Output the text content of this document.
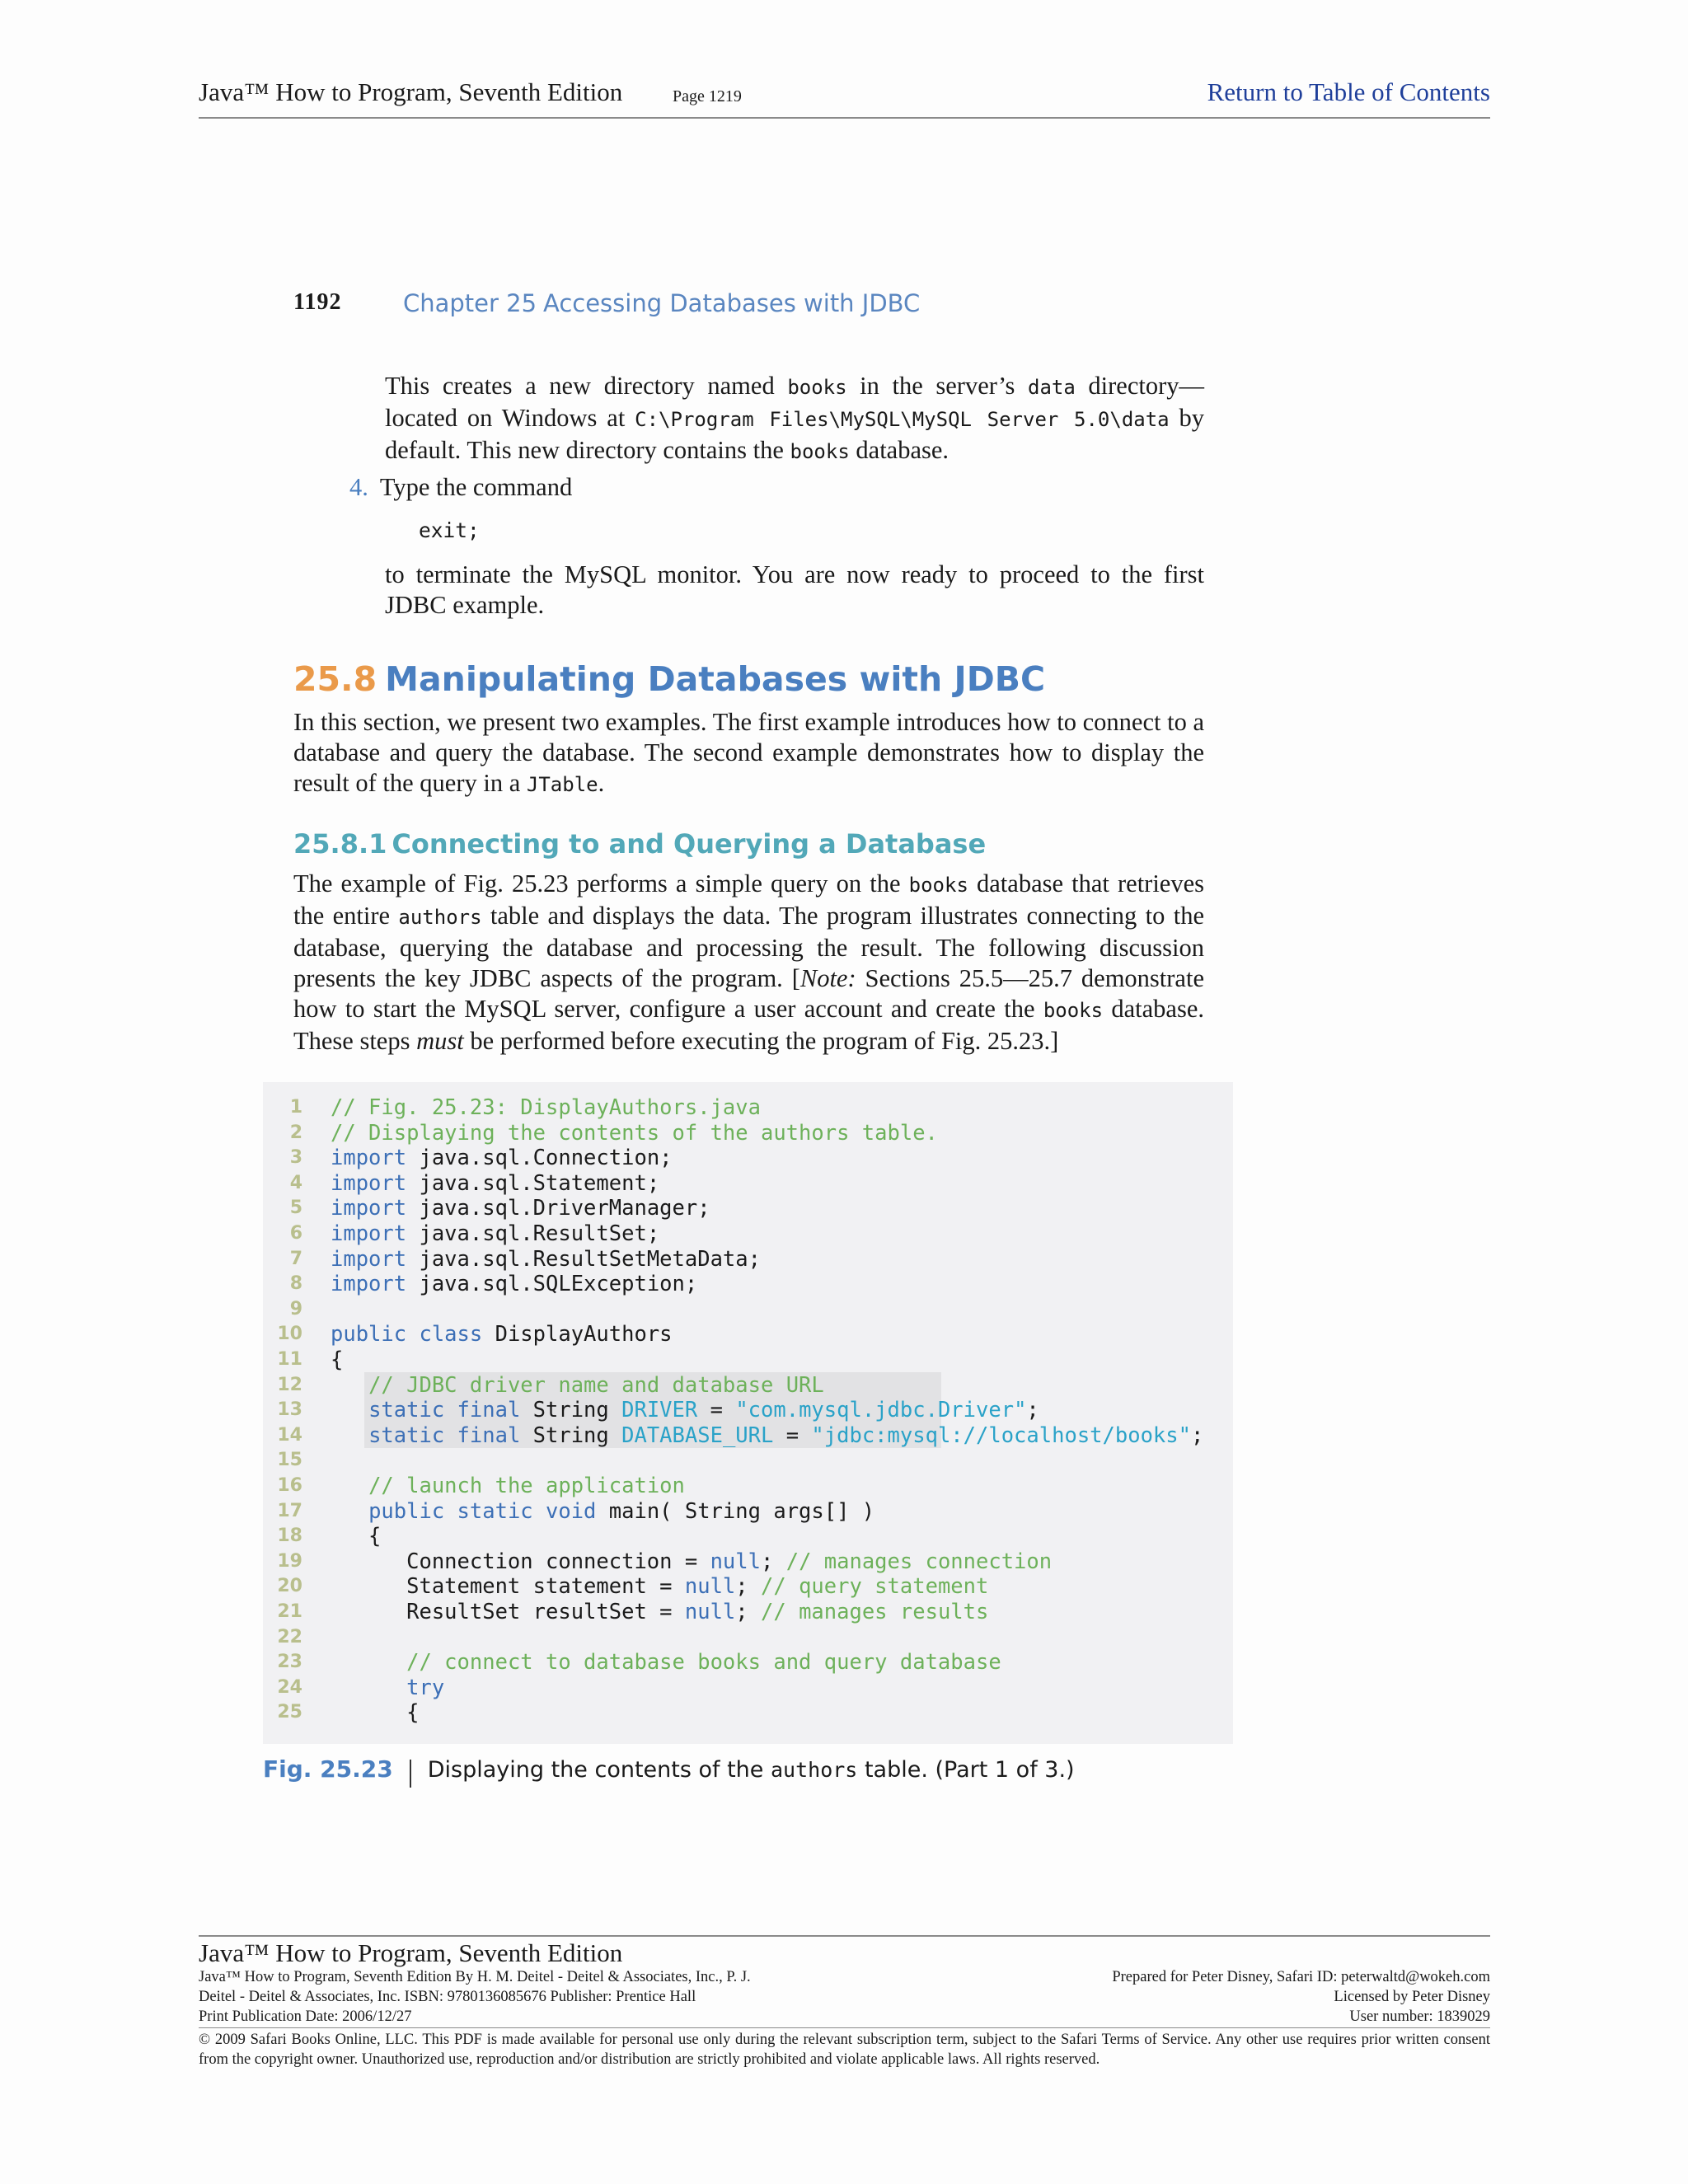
Java™ How to Program, Seventh Edition	Page 1219	Return to Table of Contents
1192	Chapter 25 Accessing Databases with JDBC

This creates a new directory named books in the server’s data directory—located on Windows at C:\Program Files\MySQL\MySQL Server 5.0\data by default. This new directory contains the books database.

4. Type the command
exit;

to terminate the MySQL monitor. You are now ready to proceed to the first JDBC example.

25.8 Manipulating Databases with JDBC

In this section, we present two examples. The first example introduces how to connect to a database and query the database. The second example demonstrates how to display the result of the query in a JTable.

25.8.1 Connecting to and Querying a Database

The example of Fig. 25.23 performs a simple query on the books database that retrieves the entire authors table and displays the data. The program illustrates connecting to the database, querying the database and processing the result. The following discussion presents the key JDBC aspects of the program. [Note: Sections 25.5—25.7 demonstrate how to start the MySQL server, configure a user account and create the books database. These steps must be performed before executing the program of Fig. 25.23.]

1 // Fig. 25.23: DisplayAuthors.java
2 // Displaying the contents of the authors table.
3 import java.sql.Connection;
4 import java.sql.Statement;
5 import java.sql.DriverManager;
6 import java.sql.ResultSet;
7 import java.sql.ResultSetMetaData;
8 import java.sql.SQLException;
9
10 public class DisplayAuthors
11 {
12	// JDBC driver name and database URL
13	static final String DRIVER = "com.mysql.jdbc.Driver";
14	static final String DATABASE_URL = "jdbc:mysql://localhost/books";
15
16	// launch the application
17	public static void main( String args[] )
18 {
19 Connection connection = null; // manages connection
20 Statement statement = null; // query statement
21 ResultSet resultSet = null; // manages results
22
23	// connect to database books and query database
24	try
25 {
Fig. 25.23 Displaying the contents of the authors table. (Part 1 of 3.)
Java™ How to Program, Seventh Edition
Java™ How to Program, Seventh Edition By H. M. Deitel - Deitel & Associates, Inc., P. J.
Deitel - Deitel & Associates, Inc. ISBN: 9780136085676 Publisher: Prentice Hall
Print Publication Date: 2006/12/27
Prepared for Peter Disney, Safari ID: peterwaltd@wokeh.com
Licensed by Peter Disney
User number: 1839029
© 2009 Safari Books Online, LLC. This PDF is made available for personal use only during the relevant subscription term, subject to the Safari Terms of Service. Any other use requires prior written consent from the copyright owner. Unauthorized use, reproduction and/or distribution are strictly prohibited and violate applicable laws. All rights reserved.
